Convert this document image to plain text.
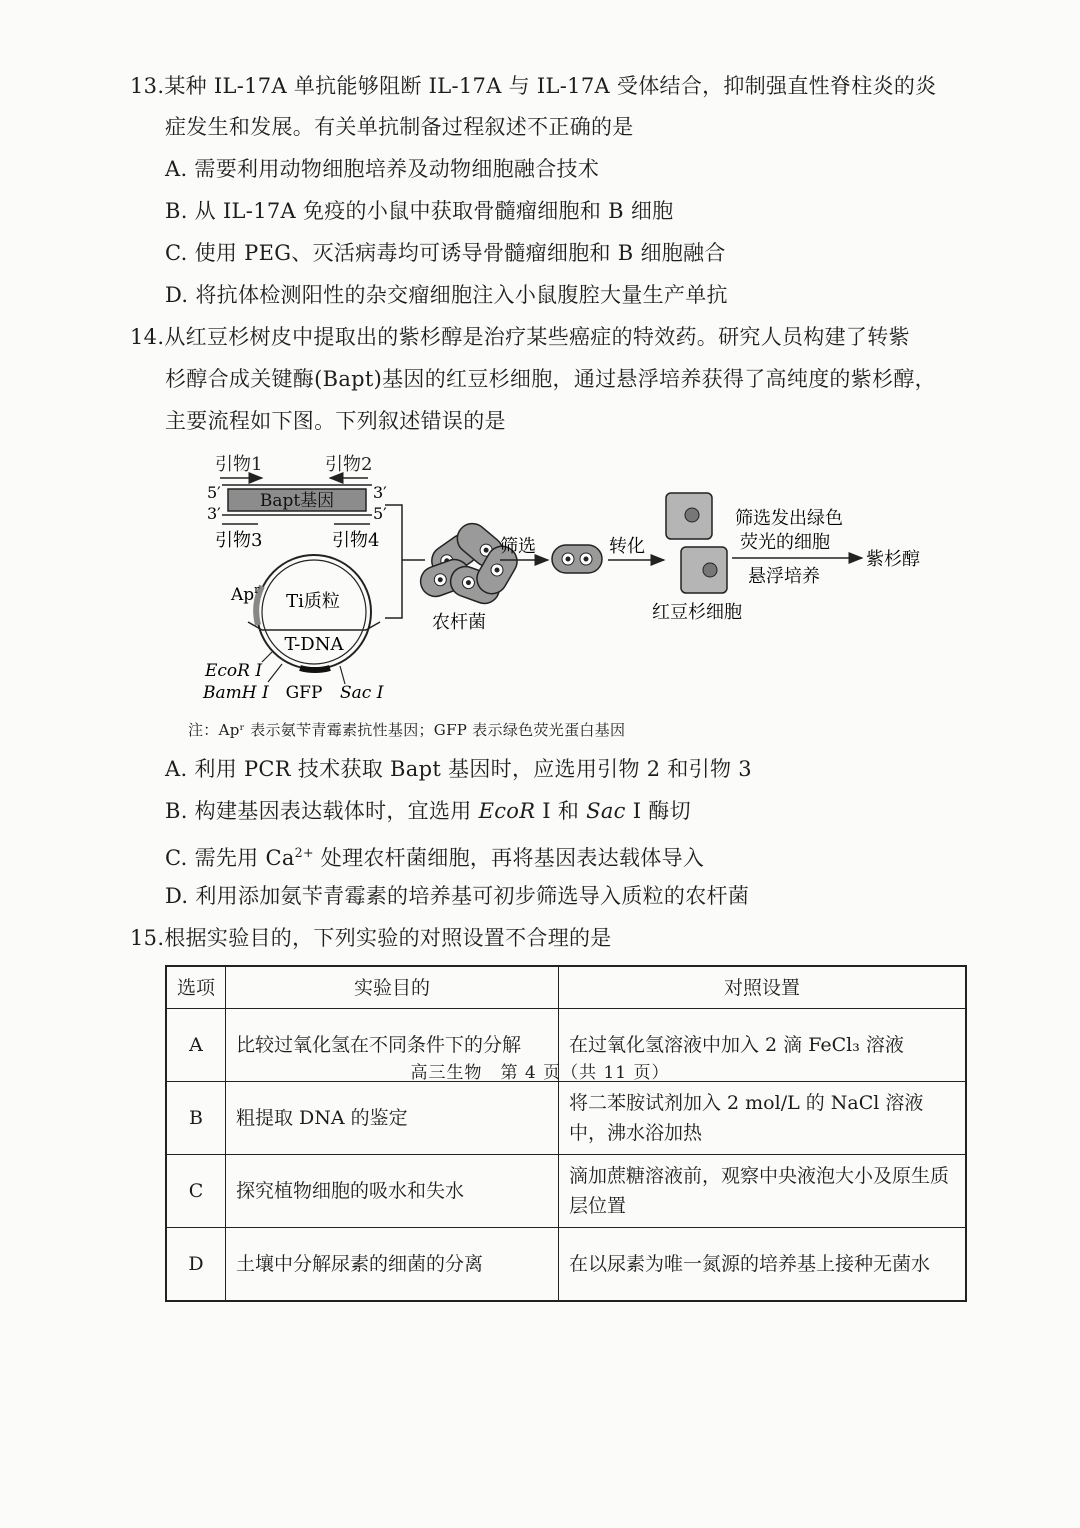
13.某种 IL-17A 单抗能够阻断 IL-17A 与 IL-17A 受体结合，抑制强直性脊柱炎的炎
症发生和发展。有关单抗制备过程叙述不正确的是
A. 需要利用动物细胞培养及动物细胞融合技术
B. 从 IL-17A 免疫的小鼠中获取骨髓瘤细胞和 B 细胞
C. 使用 PEG、灭活病毒均可诱导骨髓瘤细胞和 B 细胞融合
D. 将抗体检测阳性的杂交瘤细胞注入小鼠腹腔大量生产单抗
14.从红豆杉树皮中提取出的紫杉醇是治疗某些癌症的特效药。研究人员构建了转紫
杉醇合成关键酶(Bapt)基因的红豆杉细胞，通过悬浮培养获得了高纯度的紫杉醇，
主要流程如下图。下列叙述错误的是
引物1	引物2
5′	3′
3′	5′
Bapt基因
引物3	引物4
Ap$^r$
Ti质粒
T-DNA
EcoR Ⅰ
BamH Ⅰ GFP Sac Ⅰ
农杆菌
筛选	转化
红豆杉细胞
筛选发出绿色
荧光的细胞
悬浮培养
紫杉醇
注：Apʳ 表示氨苄青霉素抗性基因；GFP 表示绿色荧光蛋白基因
A. 利用 PCR 技术获取 Bapt 基因时，应选用引物 2 和引物 3
B. 构建基因表达载体时，宜选用 EcoR Ⅰ 和 Sac Ⅰ 酶切
C. 需先用 $Ca^{2+}$ 处理农杆菌细胞，再将基因表达载体导入
D. 利用添加氨苄青霉素的培养基可初步筛选导入质粒的农杆菌
15.根据实验目的，下列实验的对照设置不合理的是
选项	实验目的	对照设置
A	比较过氧化氢在不同条件下的分解	在过氧化氢溶液中加入 2 滴 FeCl₃ 溶液
B	粗提取 DNA 的鉴定	将二苯胺试剂加入 2 mol/L 的 NaCl 溶液中，沸水浴加热
C	探究植物细胞的吸水和失水	滴加蔗糖溶液前，观察中央液泡大小及原生质层位置
D	土壤中分解尿素的细菌的分离	在以尿素为唯一氮源的培养基上接种无菌水
高三生物　第 4 页（共 11 页）
